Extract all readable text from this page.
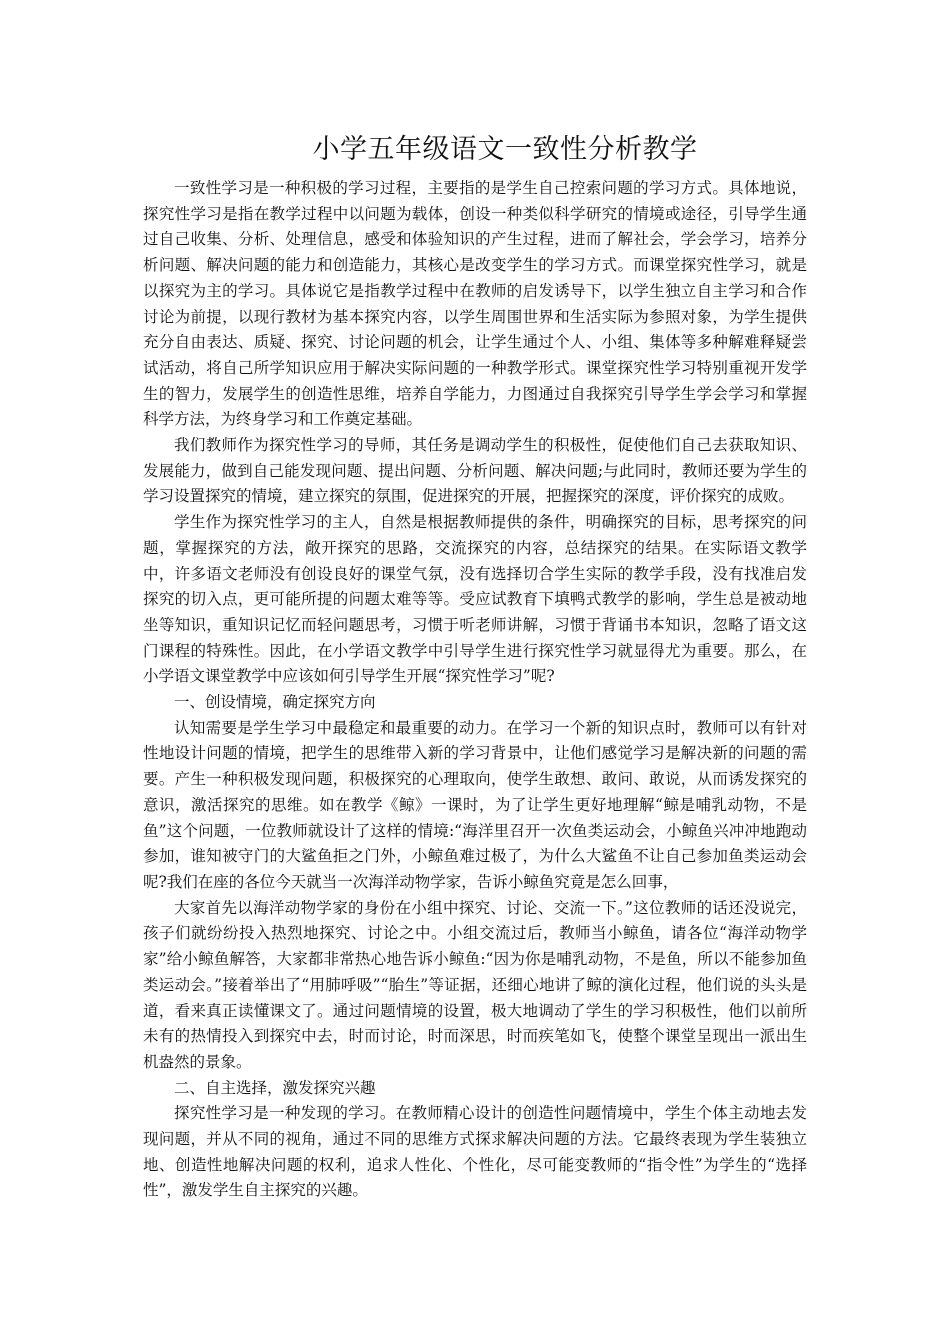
小学五年级语文一致性分析教学

一致性学习是一种积极的学习过程，主要指的是学生自己控索问题的学习方式。具体地说，探究性学习是指在教学过程中以问题为载体，创设一种类似科学研究的情境或途径，引导学生通过自己收集、分析、处理信息，感受和体验知识的产生过程，进而了解社会，学会学习，培养分析问题、解决问题的能力和创造能力，其核心是改变学生的学习方式。而课堂探究性学习，就是以探究为主的学习。具体说它是指教学过程中在教师的启发诱导下，以学生独立自主学习和合作讨论为前提，以现行教材为基本探究内容，以学生周围世界和生活实际为参照对象，为学生提供充分自由表达、质疑、探究、讨论问题的机会，让学生通过个人、小组、集体等多种解难释疑尝试活动，将自己所学知识应用于解决实际问题的一种教学形式。课堂探究性学习特别重视开发学生的智力，发展学生的创造性思维，培养自学能力，力图通过自我探究引导学生学会学习和掌握科学方法，为终身学习和工作奠定基础。

我们教师作为探究性学习的导师，其任务是调动学生的积极性，促使他们自己去获取知识、发展能力，做到自己能发现问题、提出问题、分析问题、解决问题;与此同时，教师还要为学生的学习设置探究的情境，建立探究的氛围，促进探究的开展，把握探究的深度，评价探究的成败。

学生作为探究性学习的主人，自然是根据教师提供的条件，明确探究的目标，思考探究的问题，掌握探究的方法，敞开探究的思路，交流探究的内容，总结探究的结果。在实际语文教学中，许多语文老师没有创设良好的课堂气氛，没有选择切合学生实际的教学手段，没有找准启发探究的切入点，更可能所提的问题太难等等。受应试教育下填鸭式教学的影响，学生总是被动地坐等知识，重知识记忆而轻问题思考，习惯于听老师讲解，习惯于背诵书本知识，忽略了语文这门课程的特殊性。因此，在小学语文教学中引导学生进行探究性学习就显得尤为重要。那么，在小学语文课堂教学中应该如何引导学生开展“探究性学习”呢?

一、创设情境，确定探究方向

认知需要是学生学习中最稳定和最重要的动力。在学习一个新的知识点时，教师可以有针对性地设计问题的情境，把学生的思维带入新的学习背景中，让他们感觉学习是解决新的问题的需要。产生一种积极发现问题，积极探究的心理取向，使学生敢想、敢问、敢说，从而诱发探究的意识，激活探究的思维。如在教学《鲸》一课时，为了让学生更好地理解“鲸是哺乳动物，不是鱼”这个问题，一位教师就设计了这样的情境:“海洋里召开一次鱼类运动会，小鲸鱼兴冲冲地跑动参加，谁知被守门的大鲨鱼拒之门外，小鲸鱼难过极了，为什么大鲨鱼不让自己参加鱼类运动会呢?我们在座的各位今天就当一次海洋动物学家，告诉小鲸鱼究竟是怎么回事，

大家首先以海洋动物学家的身份在小组中探究、讨论、交流一下。”这位教师的话还没说完，孩子们就纷纷投入热烈地探究、讨论之中。小组交流过后，教师当小鲸鱼，请各位“海洋动物学家”给小鲸鱼解答，大家都非常热心地告诉小鲸鱼:“因为你是哺乳动物，不是鱼，所以不能参加鱼类运动会。”接着举出了“用肺呼吸”“胎生”等证据，还细心地讲了鲸的演化过程，他们说的头头是道，看来真正读懂课文了。通过问题情境的设置，极大地调动了学生的学习积极性，他们以前所未有的热情投入到探究中去，时而讨论，时而深思，时而疾笔如飞，使整个课堂呈现出一派出生机盎然的景象。

二、自主选择，激发探究兴趣

探究性学习是一种发现的学习。在教师精心设计的创造性问题情境中，学生个体主动地去发现问题，并从不同的视角，通过不同的思维方式探求解决问题的方法。它最终表现为学生装独立地、创造性地解决问题的权利，追求人性化、个性化，尽可能变教师的“指令性”为学生的“选择性”，激发学生自主探究的兴趣。
